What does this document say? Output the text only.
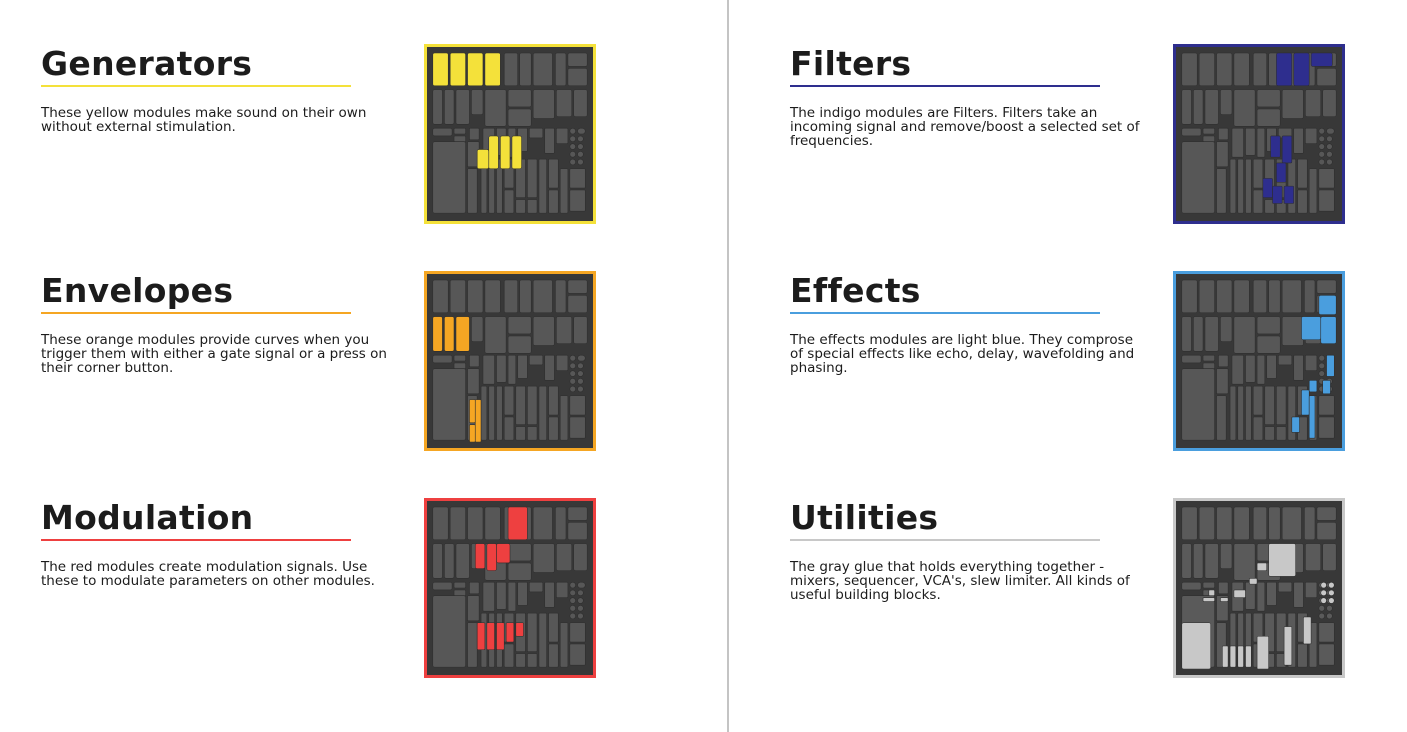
Generators
These yellow modules make sound on their own without external stimulation.
Envelopes
These orange modules provide curves when you trigger them with either a gate signal or a press on their corner button.
Modulation
The red modules create modulation signals. Use these to modulate parameters on other modules.
Filters
The indigo modules are Filters. Filters take an incoming signal and remove/boost a selected set of frequencies.
Effects
The effects modules are light blue. They comprose of special effects like echo, delay, wavefolding and phasing.
Utilities
The gray glue that holds everything together - mixers, sequencer, VCA's, slew limiter. All kinds of useful building blocks.
